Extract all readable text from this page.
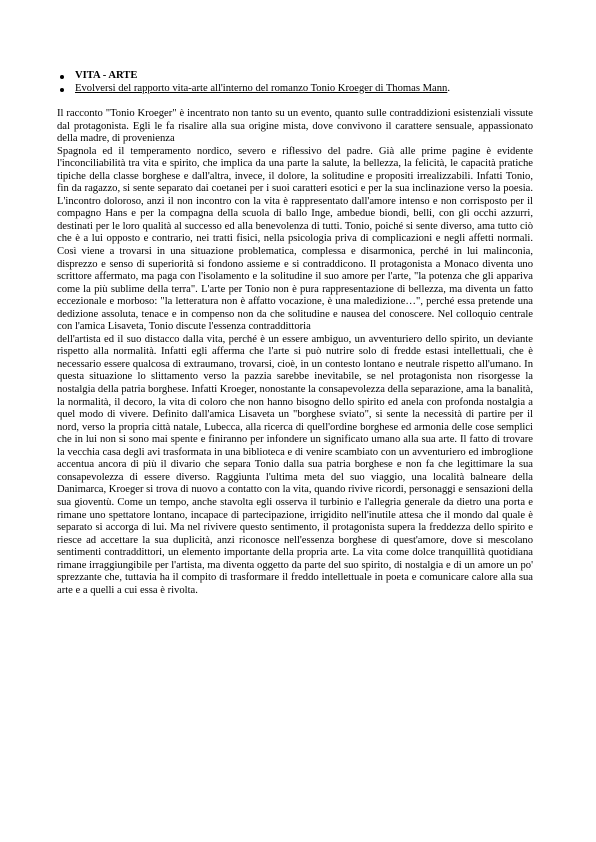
VITA - ARTE
Evolversi del rapporto vita-arte all'interno del romanzo Tonio Kroeger di Thomas Mann.

Il racconto "Tonio Kroeger" è incentrato non tanto su un evento, quanto sulle contraddizioni esistenziali vissute dal protagonista. Egli le fa risalire alla sua origine mista, dove convivono il carattere sensuale, appassionato della madre, di provenienza

Spagnola ed il temperamento nordico, severo e riflessivo del padre. Già alle prime pagine è evidente l'inconciliabilità tra vita e spirito, che implica da una parte la salute, la bellezza, la felicità, le capacità pratiche tipiche della classe borghese e dall'altra, invece, il dolore, la solitudine e propositi irrealizzabili. Infatti Tonio, fin da ragazzo, si sente separato dai coetanei per i suoi caratteri esotici e per la sua inclinazione verso la poesia. L'incontro doloroso, anzi il non incontro con la vita è rappresentato dall'amore intenso e non corrisposto per il compagno Hans e per la compagna della scuola di ballo Inge, ambedue biondi, belli, con gli occhi azzurri, destinati per le loro qualità al successo ed alla benevolenza di tutti. Tonio, poiché si sente diverso, ama tutto ciò che è a lui opposto e contrario, nei tratti fisici, nella psicologia priva di complicazioni e negli affetti normali. Così viene a trovarsi in una situazione problematica, complessa e disarmonica, perché in lui malinconia, disprezzo e senso di superiorità si fondono assieme e si contraddicono. Il protagonista a Monaco diventa uno scrittore affermato, ma paga con l'isolamento e la solitudine il suo amore per l'arte, "la potenza che gli appariva come la più sublime della terra". L'arte per Tonio non è pura rappresentazione di bellezza, ma diventa un fatto eccezionale e morboso: "la letteratura non è affatto vocazione, è una maledizione…", perché essa pretende una dedizione assoluta, tenace e in compenso non da che solitudine e nausea del conoscere. Nel colloquio centrale con l'amica Lisaveta, Tonio discute l'essenza contraddittoria

dell'artista ed il suo distacco dalla vita, perché è un essere ambiguo, un avventuriero dello spirito, un deviante rispetto alla normalità. Infatti egli afferma che l'arte si può nutrire solo di fredde estasi intellettuali, che è necessario essere qualcosa di extraumano, trovarsi, cioè, in un contesto lontano e neutrale rispetto all'umano. In questa situazione lo slittamento verso la pazzia sarebbe inevitabile, se nel protagonista non risorgesse la nostalgia della patria borghese. Infatti Kroeger, nonostante la consapevolezza della separazione, ama la banalità, la normalità, il decoro, la vita di coloro che non hanno bisogno dello spirito ed anela con profonda nostalgia a quel modo di vivere. Definito dall'amica Lisaveta un "borghese sviato", si sente la necessità di partire per il nord, verso la propria città natale, Lubecca, alla ricerca di quell'ordine borghese ed armonia delle cose semplici che in lui non si sono mai spente e finiranno per infondere un significato umano alla sua arte. Il fatto di trovare la vecchia casa degli avi trasformata in una biblioteca e di venire scambiato con un avventuriero ed imbroglione accentua ancora di più il divario che separa Tonio dalla sua patria borghese e non fa che legittimare la sua consapevolezza di essere diverso. Raggiunta l'ultima meta del suo viaggio, una località balneare della Danimarca, Kroeger si trova di nuovo a contatto con la vita, quando rivive ricordi, personaggi e sensazioni della sua gioventù. Come un tempo, anche stavolta egli osserva il turbinio e l'allegria generale da dietro una porta e rimane uno spettatore lontano, incapace di partecipazione, irrigidito nell'inutile attesa che il mondo dal quale è separato si accorga di lui. Ma nel rivivere questo sentimento, il protagonista supera la freddezza dello spirito e riesce ad accettare la sua duplicità, anzi riconosce nell'essenza borghese di quest'amore, dove si mescolano sentimenti contraddittori, un elemento importante della propria arte. La vita come dolce tranquillità quotidiana rimane irraggiungibile per l'artista, ma diventa oggetto da parte del suo spirito, di nostalgia e di un amore un po' sprezzante che, tuttavia ha il compito di trasformare il freddo intellettuale in poeta e comunicare calore alla sua arte e a quelli a cui essa è rivolta.
